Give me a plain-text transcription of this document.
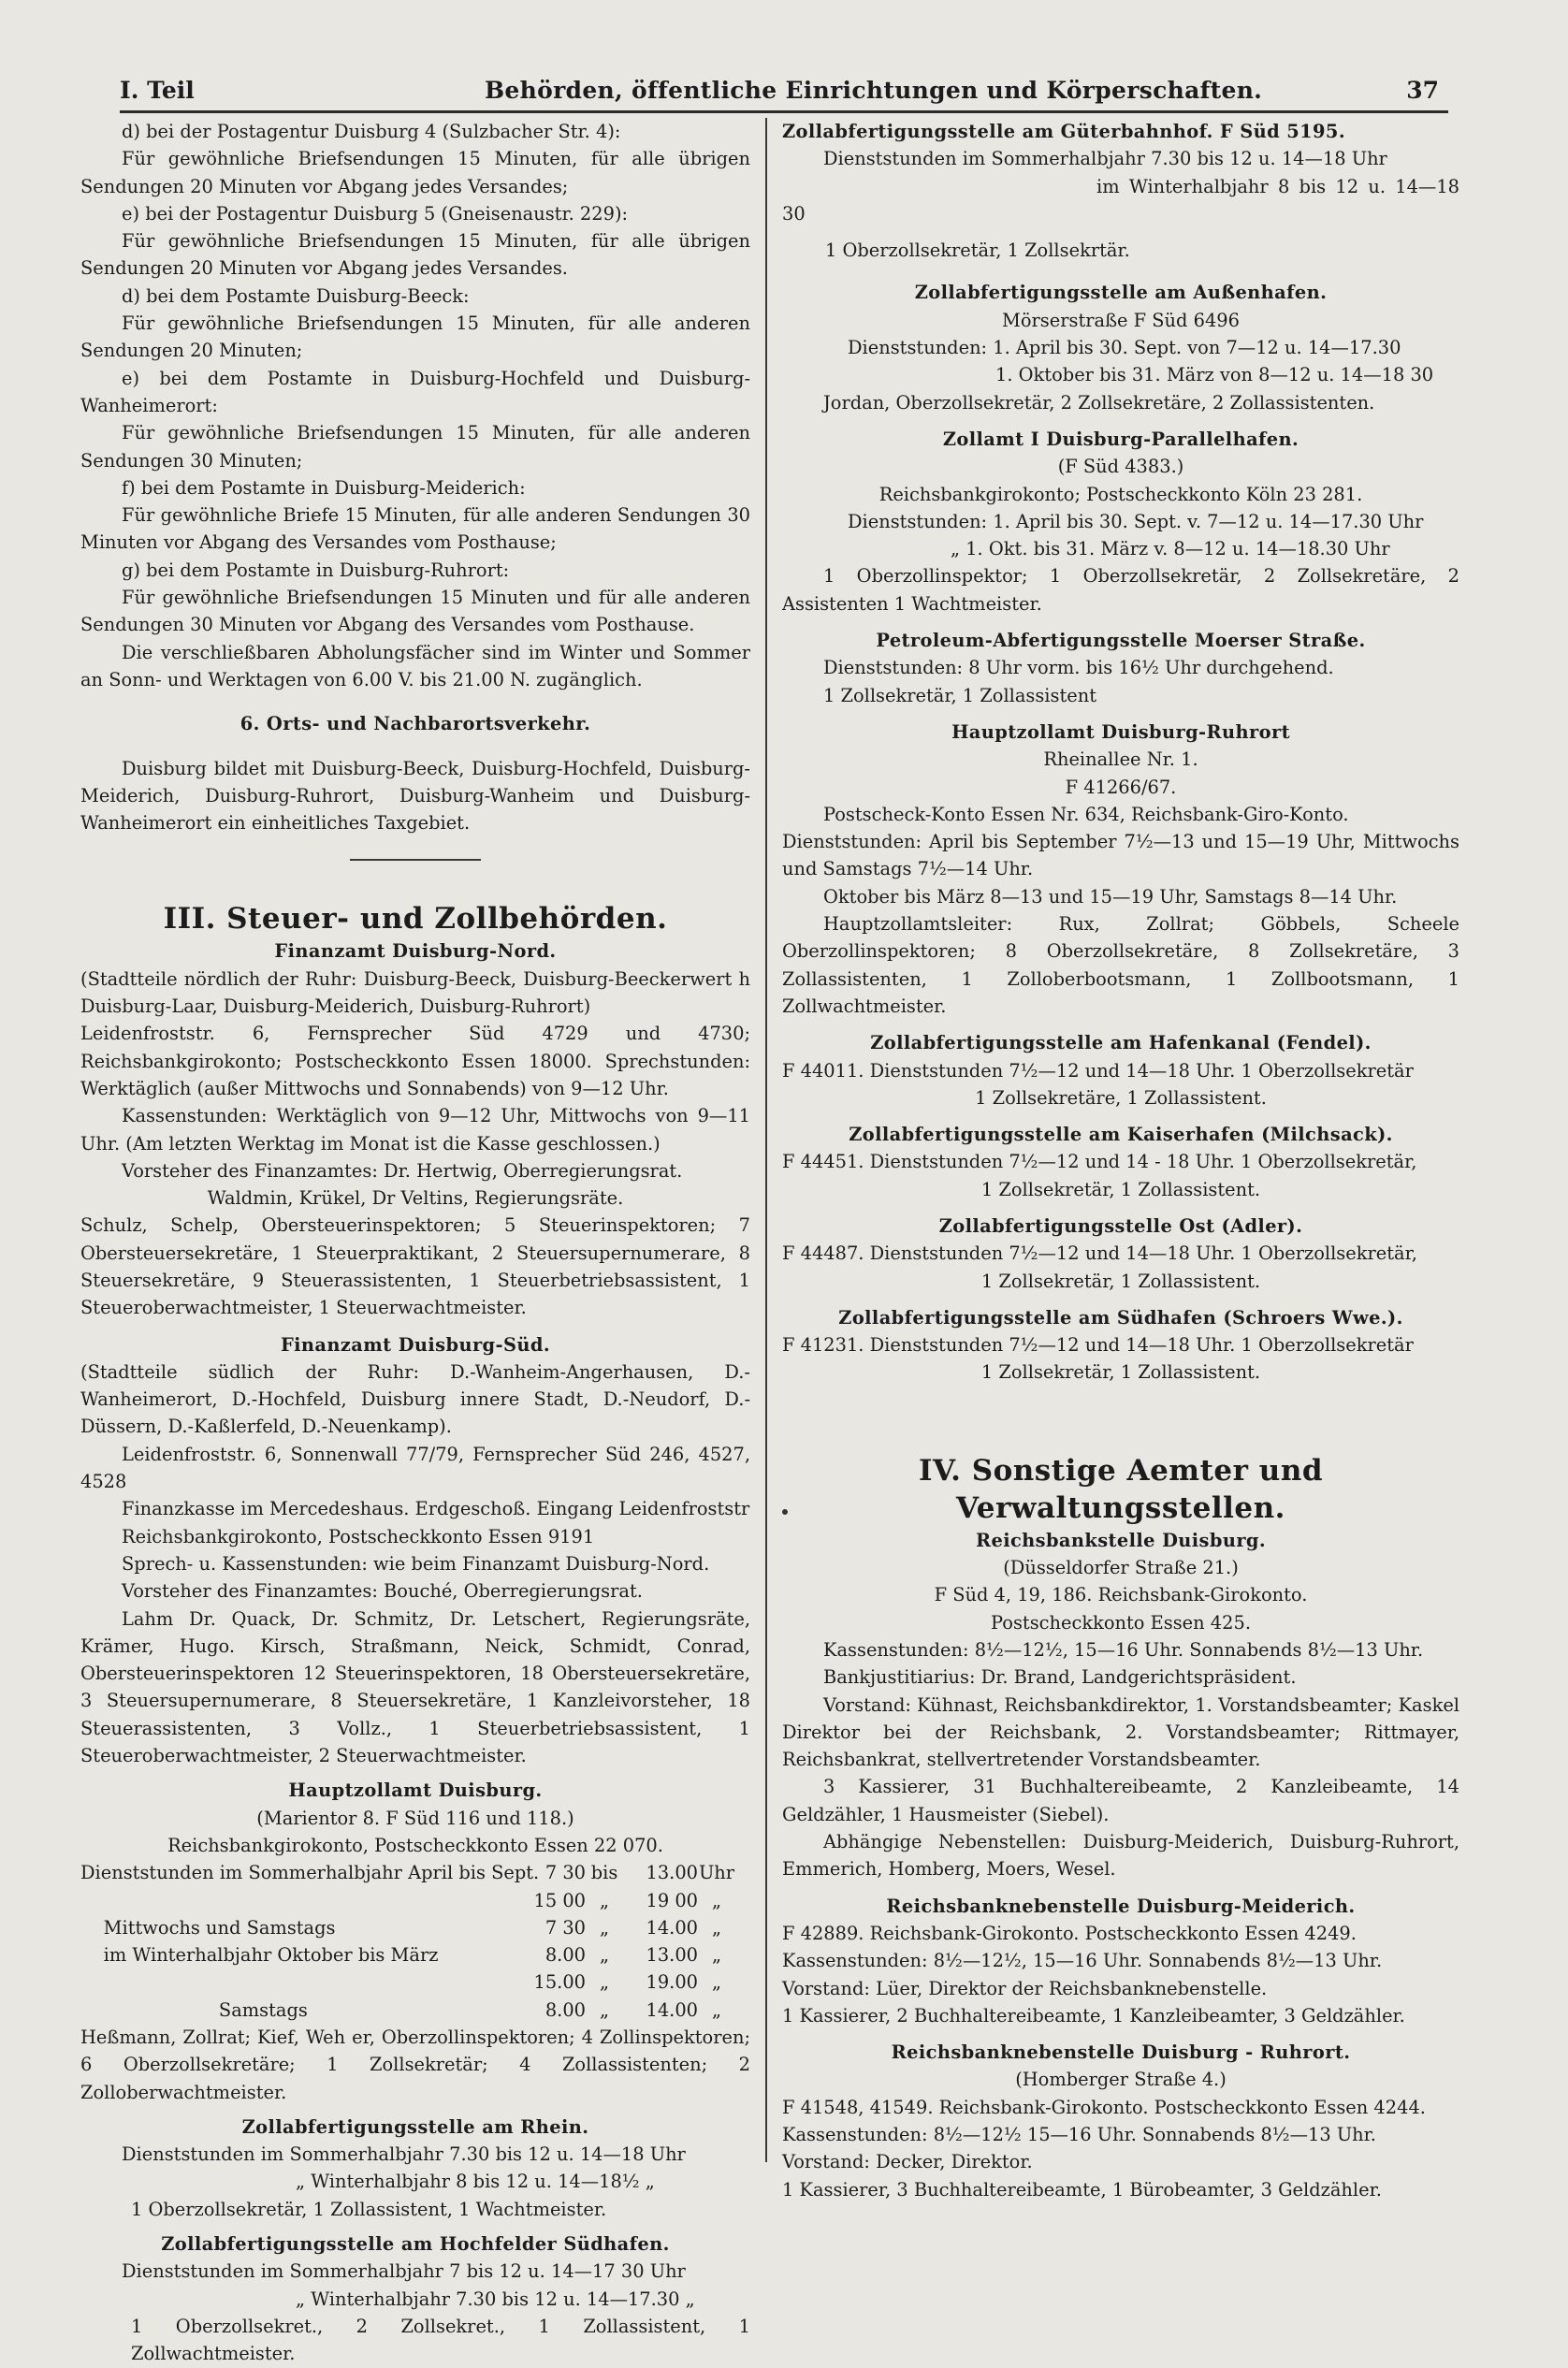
I. Teil	Behörden, öffentliche Einrichtungen und Körperschaften.	37

d) bei der Postagentur Duisburg 4 (Sulzbacher Str. 4):

Für gewöhnliche Briefsendungen 15 Minuten, für alle übrigen Sendungen 20 Minuten vor Abgang jedes Versandes;

e) bei der Postagentur Duisburg 5 (Gneisenaustr. 229):

Für gewöhnliche Briefsendungen 15 Minuten, für alle übrigen Sendungen 20 Minuten vor Abgang jedes Versandes.

d) bei dem Postamte Duisburg-Beeck:

Für gewöhnliche Briefsendungen 15 Minuten, für alle anderen Sendungen 20 Minuten;

e) bei dem Postamte in Duisburg-Hochfeld und Duisburg-Wanheimerort:

Für gewöhnliche Briefsendungen 15 Minuten, für alle anderen Sendungen 30 Minuten;

f) bei dem Postamte in Duisburg-Meiderich:

Für gewöhnliche Briefe 15 Minuten, für alle anderen Sendungen 30 Minuten vor Abgang des Versandes vom Posthause;

g) bei dem Postamte in Duisburg-Ruhrort:

Für gewöhnliche Briefsendungen 15 Minuten und für alle anderen Sendungen 30 Minuten vor Abgang des Versandes vom Posthause.

Die verschließbaren Abholungsfächer sind im Winter und Sommer an Sonn- und Werktagen von 6.00 V. bis 21.00 N. zugänglich.

6. Orts- und Nachbarortsverkehr.

Duisburg bildet mit Duisburg-Beeck, Duisburg-Hochfeld, Duisburg-Meiderich, Duisburg-Ruhrort, Duisburg-Wanheim und Duisburg-Wanheimerort ein einheitliches Taxgebiet.

III. Steuer- und Zollbehörden.

Finanzamt Duisburg-Nord.

(Stadtteile nördlich der Ruhr: Duisburg-Beeck, Duisburg-Beeckerwert h Duisburg-Laar, Duisburg-Meiderich, Duisburg-Ruhrort)

Leidenfroststr. 6, Fernsprecher Süd 4729 und 4730; Reichsbankgirokonto; Postscheckkonto Essen 18000. Sprechstunden: Werktäglich (außer Mittwochs und Sonnabends) von 9—12 Uhr.

Kassenstunden: Werktäglich von 9—12 Uhr, Mittwochs von 9—11 Uhr. (Am letzten Werktag im Monat ist die Kasse geschlossen.)

Vorsteher des Finanzamtes: Dr. Hertwig, Oberregierungsrat.

Waldmin, Krükel, Dr Veltins, Regierungsräte.

Schulz, Schelp, Obersteuerinspektoren; 5 Steuerinspektoren; 7 Obersteuersekretäre, 1 Steuerpraktikant, 2 Steuersupernumerare, 8 Steuersekretäre, 9 Steuerassistenten, 1 Steuerbetriebsassistent, 1 Steueroberwachtmeister, 1 Steuerwachtmeister.

Finanzamt Duisburg-Süd.

(Stadtteile südlich der Ruhr: D.-Wanheim-Angerhausen, D.-Wanheimerort, D.-Hochfeld, Duisburg innere Stadt, D.-Neudorf, D.-Düssern, D.-Kaßlerfeld, D.-Neuenkamp).

Leidenfroststr. 6, Sonnenwall 77/79, Fernsprecher Süd 246, 4527, 4528

Finanzkasse im Mercedeshaus. Erdgeschoß. Eingang Leidenfroststr

Reichsbankgirokonto, Postscheckkonto Essen 9191

Sprech- u. Kassenstunden: wie beim Finanzamt Duisburg-Nord.

Vorsteher des Finanzamtes: Bouché, Oberregierungsrat.

Lahm Dr. Quack, Dr. Schmitz, Dr. Letschert, Regierungsräte, Krämer, Hugo. Kirsch, Straßmann, Neick, Schmidt, Conrad, Obersteuerinspektoren 12 Steuerinspektoren, 18 Obersteuersekretäre, 3 Steuersupernumerare, 8 Steuersekretäre, 1 Kanzleivorsteher, 18 Steuerassistenten, 3 Vollz., 1 Steuerbetriebsassistent, 1 Steueroberwachtmeister, 2 Steuerwachtmeister.

Hauptzollamt Duisburg.

(Marientor 8. F Süd 116 und 118.)

Reichsbankgirokonto, Postscheckkonto Essen 22 070.

Dienststunden im Sommerhalbjahr April bis Sept. 7 30 bis	13.00 Uhr
15 00 „	19 00 „
Mittwochs und Samstags	7 30 „	14.00 „
im Winterhalbjahr Oktober bis März	8.00 „	13.00 „
15.00 „	19.00 „
Samstags	8.00 „	14.00 „

Heßmann, Zollrat; Kief, Weh er, Oberzollinspektoren; 4 Zollinspektoren; 6 Oberzollsekretäre; 1 Zollsekretär; 4 Zollassistenten; 2 Zolloberwachtmeister.

Zollabfertigungsstelle am Rhein.

Dienststunden im Sommerhalbjahr 7.30 bis 12 u. 14—18 Uhr

„ Winterhalbjahr 8 bis 12 u. 14—18½ „

1 Oberzollsekretär, 1 Zollassistent, 1 Wachtmeister.

Zollabfertigungsstelle am Hochfelder Südhafen.

Dienststunden im Sommerhalbjahr 7 bis 12 u. 14—17 30 Uhr

„ Winterhalbjahr 7.30 bis 12 u. 14—17.30 „

1 Oberzollsekret., 2 Zollsekret., 1 Zollassistent, 1 Zollwachtmeister.

Zollabfertigungsstelle am Güterbahnhof. F Süd 5195.

Dienststunden im Sommerhalbjahr 7.30 bis 12 u. 14—18 Uhr

im Winterhalbjahr 8 bis 12 u. 14—18 30

1 Oberzollsekretär, 1 Zollsekrtär.

Zollabfertigungsstelle am Außenhafen.

Mörserstraße F Süd 6496

Dienststunden: 1. April bis 30. Sept. von 7—12 u. 14—17.30

1. Oktober bis 31. März von 8—12 u. 14—18 30

Jordan, Oberzollsekretär, 2 Zollsekretäre, 2 Zollassistenten.

Zollamt I Duisburg-Parallelhafen.

(F Süd 4383.)

Reichsbankgirokonto; Postscheckkonto Köln 23 281.

Dienststunden: 1. April bis 30. Sept. v. 7—12 u. 14—17.30 Uhr

„ 1. Okt. bis 31. März v. 8—12 u. 14—18.30 Uhr

1 Oberzollinspektor; 1 Oberzollsekretär, 2 Zollsekretäre, 2 Assistenten 1 Wachtmeister.

Petroleum-Abfertigungsstelle Moerser Straße.

Dienststunden: 8 Uhr vorm. bis 16½ Uhr durchgehend.

1 Zollsekretär, 1 Zollassistent

Hauptzollamt Duisburg-Ruhrort

Rheinallee Nr. 1.

F 41266/67.

Postscheck-Konto Essen Nr. 634, Reichsbank-Giro-Konto.

Dienststunden: April bis September 7½—13 und 15—19 Uhr, Mittwochs und Samstags 7½—14 Uhr.

Oktober bis März 8—13 und 15—19 Uhr, Samstags 8—14 Uhr.

Hauptzollamtsleiter: Rux, Zollrat; Göbbels, Scheele Oberzollinspektoren; 8 Oberzollsekretäre, 8 Zollsekretäre, 3 Zollassistenten, 1 Zolloberbootsmann, 1 Zollbootsmann, 1 Zollwachtmeister.

Zollabfertigungsstelle am Hafenkanal (Fendel).

F 44011. Dienststunden 7½—12 und 14—18 Uhr. 1 Oberzollsekretär

1 Zollsekretäre, 1 Zollassistent.

Zollabfertigungsstelle am Kaiserhafen (Milchsack).

F 44451. Dienststunden 7½—12 und 14 - 18 Uhr. 1 Oberzollsekretär,

1 Zollsekretär, 1 Zollassistent.

Zollabfertigungsstelle Ost (Adler).

F 44487. Dienststunden 7½—12 und 14—18 Uhr. 1 Oberzollsekretär,

1 Zollsekretär, 1 Zollassistent.

Zollabfertigungsstelle am Südhafen (Schroers Wwe.).

F 41231. Dienststunden 7½—12 und 14—18 Uhr. 1 Oberzollsekretär

1 Zollsekretär, 1 Zollassistent.

IV. Sonstige Aemter und Verwaltungsstellen.

Reichsbankstelle Duisburg.

(Düsseldorfer Straße 21.)

F Süd 4, 19, 186. Reichsbank-Girokonto.

Postscheckkonto Essen 425.

Kassenstunden: 8½—12½, 15—16 Uhr. Sonnabends 8½—13 Uhr.

Bankjustitiarius: Dr. Brand, Landgerichtspräsident.

Vorstand: Kühnast, Reichsbankdirektor, 1. Vorstandsbeamter; Kaskel Direktor bei der Reichsbank, 2. Vorstandsbeamter; Rittmayer, Reichsbankrat, stellvertretender Vorstandsbeamter.

3 Kassierer, 31 Buchhaltereibeamte, 2 Kanzleibeamte, 14 Geldzähler, 1 Hausmeister (Siebel).

Abhängige Nebenstellen: Duisburg-Meiderich, Duisburg-Ruhrort, Emmerich, Homberg, Moers, Wesel.

Reichsbanknebenstelle Duisburg-Meiderich.

F 42889. Reichsbank-Girokonto. Postscheckkonto Essen 4249.

Kassenstunden: 8½—12½, 15—16 Uhr. Sonnabends 8½—13 Uhr.

Vorstand: Lüer, Direktor der Reichsbanknebenstelle.

1 Kassierer, 2 Buchhaltereibeamte, 1 Kanzleibeamter, 3 Geldzähler.

Reichsbanknebenstelle Duisburg - Ruhrort.

(Homberger Straße 4.)

F 41548, 41549. Reichsbank-Girokonto. Postscheckkonto Essen 4244.

Kassenstunden: 8½—12½ 15—16 Uhr. Sonnabends 8½—13 Uhr.

Vorstand: Decker, Direktor.

1 Kassierer, 3 Buchhaltereibeamte, 1 Bürobeamter, 3 Geldzähler.
